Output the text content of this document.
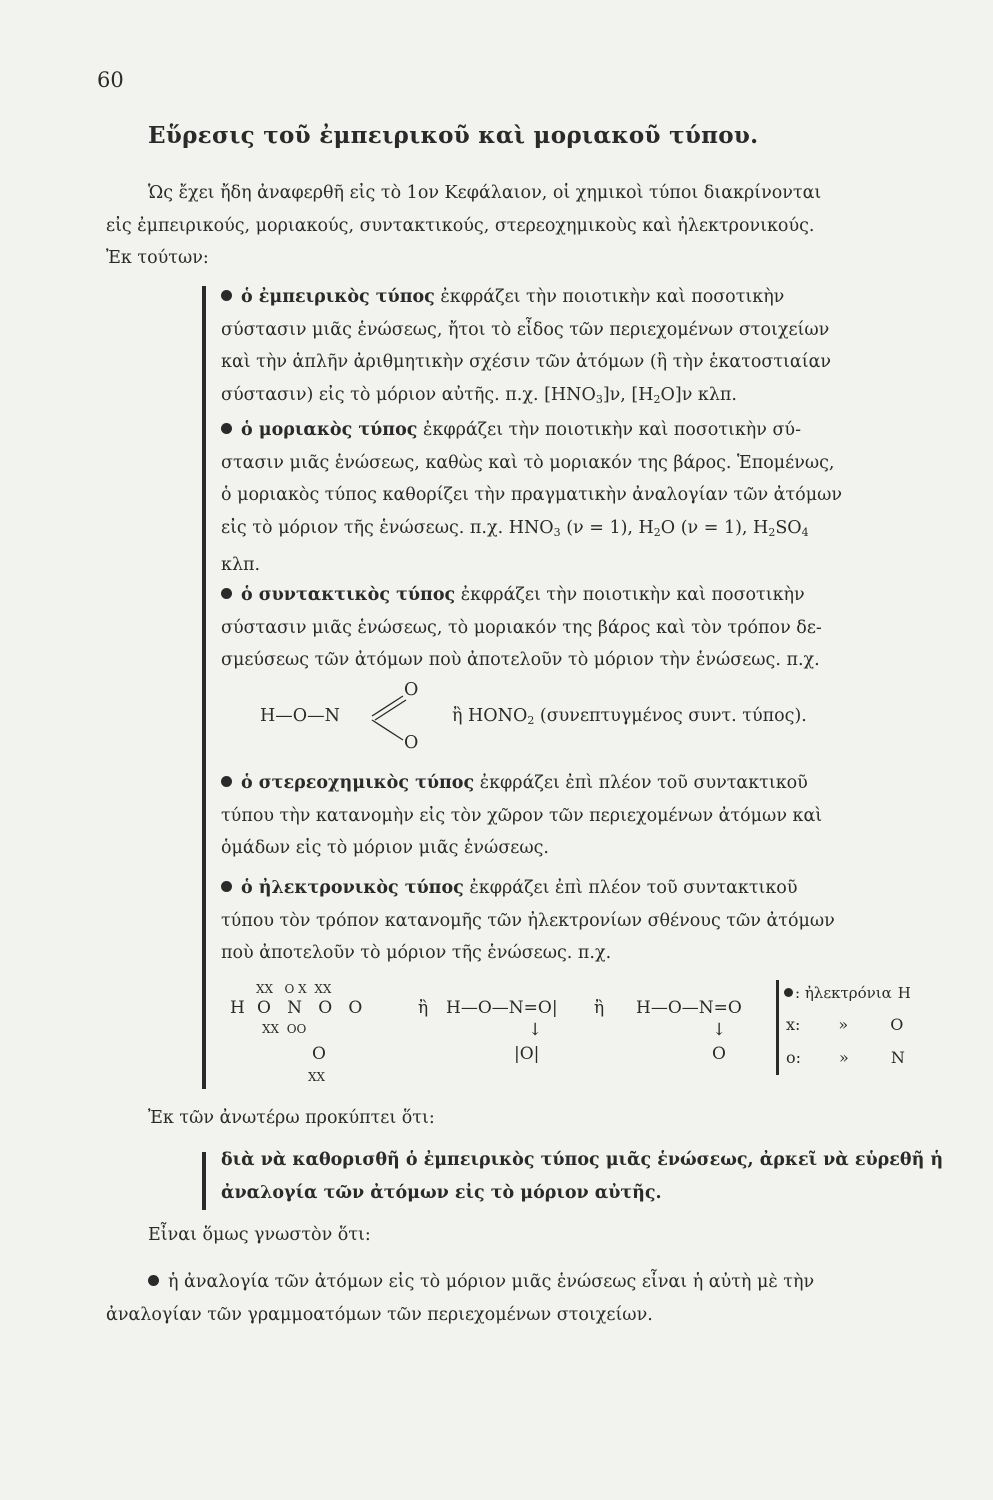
60
Εὕρεσις τοῦ ἐμπειρικοῦ καὶ μοριακοῦ τύπου.
Ὡς ἔχει ἤδη ἀναφερθῆ εἰς τὸ 1ον Κεφάλαιον, οἱ χημικοὶ τύποι διακρίνονται
εἰς ἐμπειρικούς, μοριακούς, συντακτικούς, στερεοχημικοὺς καὶ ἠλεκτρονικούς.
Ἐκ τούτων:
ὁ ἐμπειρικὸς τύπος ἐκφράζει τὴν ποιοτικὴν καὶ ποσοτικὴν
σύστασιν μιᾶς ἑνώσεως, ἤτοι τὸ εἶδος τῶν περιεχομένων στοιχείων
καὶ τὴν ἁπλῆν ἀριθμητικὴν σχέσιν τῶν ἀτόμων (ἢ τὴν ἑκατοστιαίαν
σύστασιν) εἰς τὸ μόριον αὐτῆς. π.χ. $[HNO_3]\nu$, $[H_2O]\nu$ κλπ.
ὁ μοριακὸς τύπος ἐκφράζει τὴν ποιοτικὴν καὶ ποσοτικὴν σύ-
στασιν μιᾶς ἑνώσεως, καθὼς καὶ τὸ μοριακόν της βάρος. Ἑπομένως,
ὁ μοριακὸς τύπος καθορίζει τὴν πραγματικὴν ἀναλογίαν τῶν ἀτόμων
εἰς τὸ μόριον τῆς ἑνώσεως. π.χ. $HNO_3$ (ν = 1), $H_2O$ (ν = 1), $H_2SO_4$
κλπ.
ὁ συντακτικὸς τύπος ἐκφράζει τὴν ποιοτικὴν καὶ ποσοτικὴν
σύστασιν μιᾶς ἑνώσεως, τὸ μοριακόν της βάρος καὶ τὸν τρόπον δε-
σμεύσεως τῶν ἀτόμων ποὺ ἀποτελοῦν τὸ μόριον τὴν ἑνώσεως. π.χ.
H—O—N
O
O
ἢ $HONO_2$ (συνεπτυγμένος συντ. τύπος).
ὁ στερεοχημικὸς τύπος ἐκφράζει ἐπὶ πλέον τοῦ συντακτικοῦ
τύπου τὴν κατανομὴν εἰς τὸν χῶρον τῶν περιεχομένων ἀτόμων καὶ
ὁμάδων εἰς τὸ μόριον μιᾶς ἑνώσεως.
ὁ ἠλεκτρονικὸς τύπος ἐκφράζει ἐπὶ πλέον τοῦ συντακτικοῦ
τύπου τὸν τρόπον κατανομῆς τῶν ἠλεκτρονίων σθένους τῶν ἀτόμων
ποὺ ἀποτελοῦν τὸ μόριον τῆς ἑνώσεως. π.χ.
H
XX   O X  XX
O   N   O   O
XX  OO
O
XX
ἢ H—O—N=O|
↓
|O|
ἢ H—O—N=O
↓
O
: ἠλεκτρόνια H
x: »	O
o: »	N
Ἐκ τῶν ἀνωτέρω προκύπτει ὅτι:
διὰ νὰ καθορισθῆ ὁ ἐμπειρικὸς τύπος μιᾶς ἑνώσεως, ἀρκεῖ νὰ εὑρεθῆ ἡ
ἀναλογία τῶν ἀτόμων εἰς τὸ μόριον αὐτῆς.
Εἶναι ὅμως γνωστὸν ὅτι:
ἡ ἀναλογία τῶν ἀτόμων εἰς τὸ μόριον μιᾶς ἑνώσεως εἶναι ἡ αὐτὴ μὲ τὴν
ἀναλογίαν τῶν γραμμοατόμων τῶν περιεχομένων στοιχείων.
